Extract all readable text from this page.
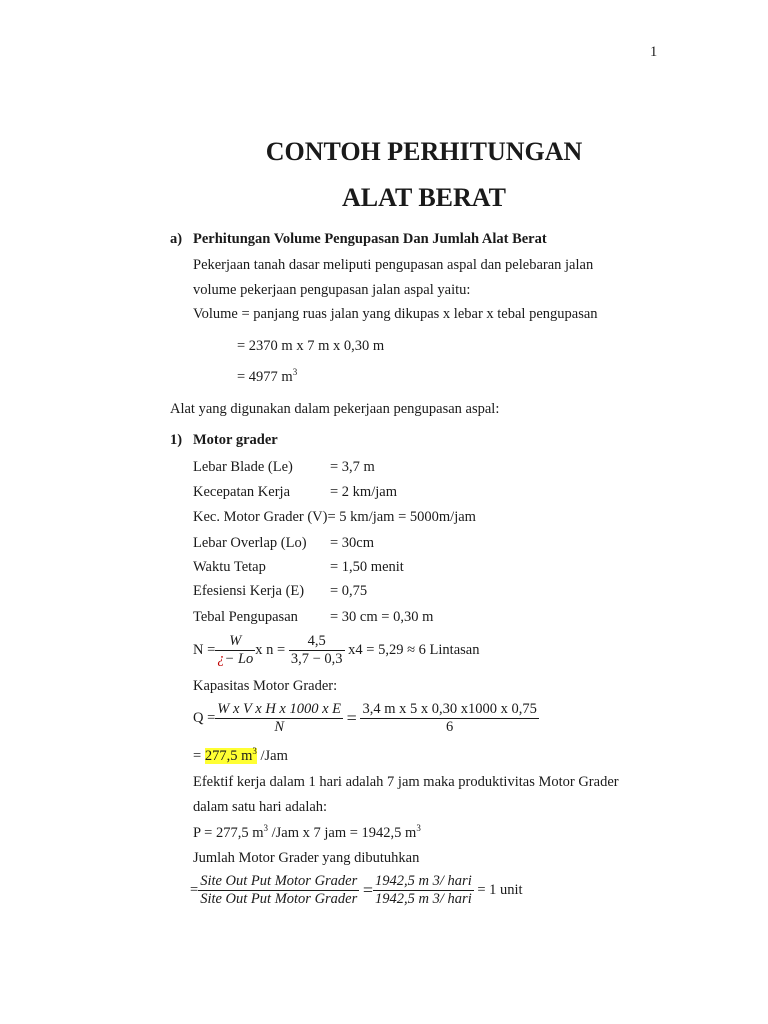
1
CONTOH PERHITUNGAN
ALAT BERAT
a) Perhitungan Volume Pengupasan Dan Jumlah Alat Berat
Pekerjaan tanah dasar meliputi pengupasan aspal dan pelebaran jalan
volume pekerjaan pengupasan jalan aspal yaitu:
Volume = panjang ruas jalan yang dikupas x lebar x tebal pengupasan
= 2370 m x 7 m x 0,30 m
= 4977 $m^3$
Alat yang digunakan dalam pekerjaan pengupasan aspal:
1) Motor grader
Lebar Blade (Le)	= 3,7 m
Kecepatan Kerja	= 2 km/jam
Kec. Motor Grader (V)= 5 km/jam = 5000m/jam
Lebar Overlap (Lo) = 30cm
Waktu Tetap	= 1,50 menit
Efesiensi Kerja (E) = 0,75
Tebal Pengupasan = 30 cm = 0,30 m
$N = \frac{W}{¿- Lo}$ x n =
$\frac{4,5}{3,7 - 0,3}$
x4 = 5,29 ≈ 6 Lintasan
Kapasitas Motor Grader:
$Q = \frac{\text{W x V x H x 1000 x E}}{N}$
=
$\frac{\text{3,4 m x 5 x 0,30 x1000 x 0,75}}{6}$
= 277,5 $m^3$ /Jam
Efektif kerja dalam 1 hari adalah 7 jam maka produktivitas Motor Grader
dalam satu hari adalah:
P = 277,5 $m^3$ /Jam x 7 jam = 1942,5 $m^3$
Jumlah Motor Grader yang dibutuhkan
= $\frac{\text{Site Out Put Motor Grader}}{\text{Site Out Put Motor Grader}}$
= $\frac{\text{1942,5 m 3/ hari}}{\text{1942,5 m 3/ hari}}$
= 1 unit
